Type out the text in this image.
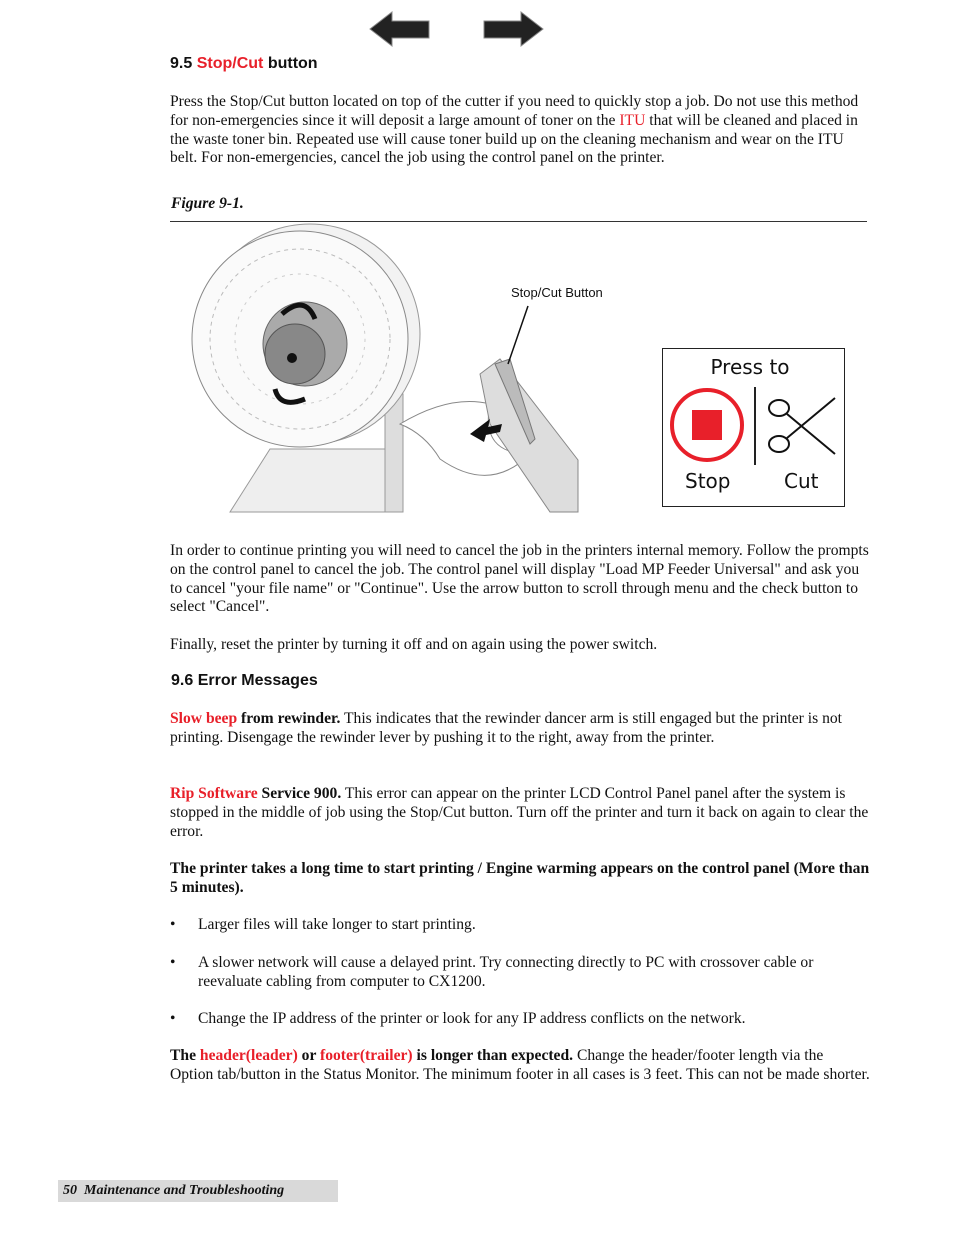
9.5 Stop/Cut button
Press the Stop/Cut button located on top of the cutter if you need to quickly stop a job. Do not use this method for non-emergencies since it will deposit a large amount of toner on the ITU that will be cleaned and placed in the waste toner bin. Repeated use will cause toner build up on the cleaning mechanism and wear on the ITU belt. For non-emergencies, cancel the job using the control panel on the printer.
Figure 9-1.
Stop/Cut Button
Press to
Stop	Cut
In order to continue printing you will need to cancel the job in the printers internal memory. Follow the prompts on the control panel to cancel the job. The control panel will display "Load MP Feeder Universal" and ask you to cancel "your file name" or "Continue". Use the arrow button to scroll through menu and the check button to select "Cancel".
Finally, reset the printer by turning it off and on again using the power switch.
9.6 Error Messages
Slow beep from rewinder. This indicates that the rewinder dancer arm is still engaged but the printer is not printing. Disengage the rewinder lever by pushing it to the right, away from the printer.
Rip Software Service 900. This error can appear on the printer LCD Control Panel panel after the system is stopped in the middle of job using the Stop/Cut button. Turn off the printer and turn it back on again to clear the error.
The printer takes a long time to start printing / Engine warming appears on the control panel (More than 5 minutes).
• Larger files will take longer to start printing.
• A slower network will cause a delayed print. Try connecting directly to PC with crossover cable or reevaluate cabling from computer to CX1200.
• Change the IP address of the printer or look for any IP address conflicts on the network.
The header(leader) or footer(trailer) is longer than expected. Change the header/footer length via the Option tab/button in the Status Monitor. The minimum footer in all cases is 3 feet. This can not be made shorter.
50 Maintenance and Troubleshooting
